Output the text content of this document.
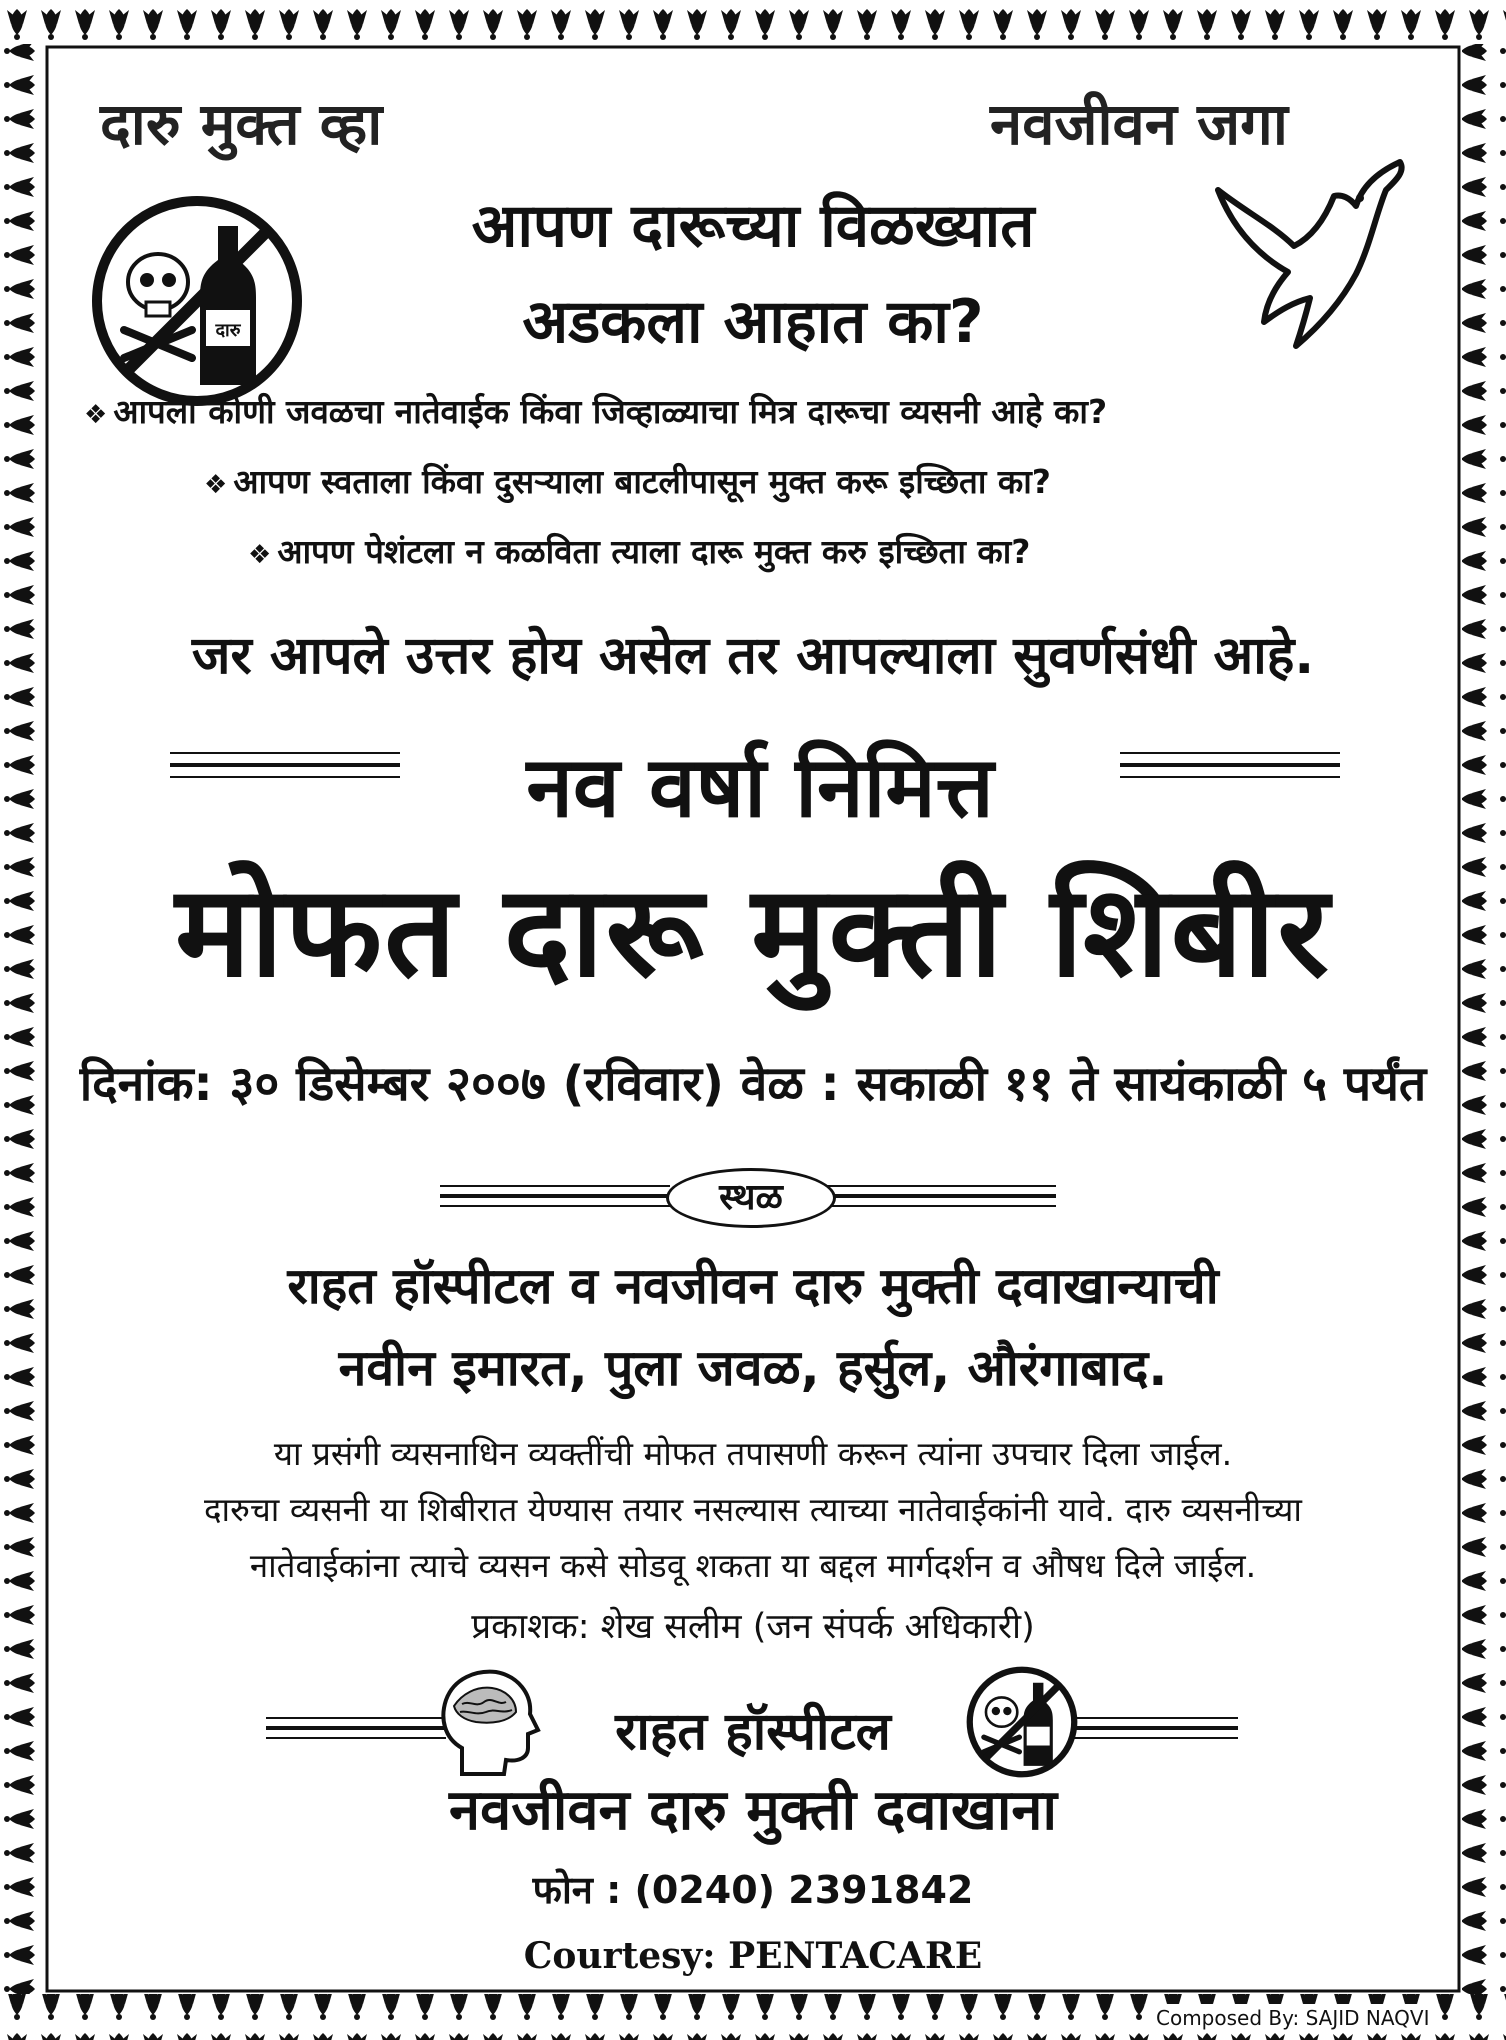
दारु मुक्त व्हा	नवजीवन जगा
दारु
आपण दारूच्या विळख्यात
अडकला आहात का?
❖ आपला कोणी जवळचा नातेवाईक किंवा जिव्हाळ्याचा मित्र दारूचा व्यसनी आहे का?
❖ आपण स्वताला किंवा दुसऱ्याला बाटलीपासून मुक्त करू इच्छिता का?
❖ आपण पेशंटला न कळविता त्याला दारू मुक्त करु इच्छिता का?
जर आपले उत्तर होय असेल तर आपल्याला सुवर्णसंधी आहे.
नव वर्षा निमित्त
मोफत दारू मुक्ती शिबीर
दिनांक: ३० डिसेम्बर २००७ (रविवार) वेळ : सकाळी ११ ते सायंकाळी ५ पर्यंत
स्थळ
राहत हॉस्पीटल व नवजीवन दारु मुक्ती दवाखान्याची
नवीन इमारत, पुला जवळ, हर्सुल, औरंगाबाद.
या प्रसंगी व्यसनाधिन व्यक्तींची मोफत तपासणी करून त्यांना उपचार दिला जाईल.
दारुचा व्यसनी या शिबीरात येण्यास तयार नसल्यास त्याच्या नातेवाईकांनी यावे. दारु व्यसनीच्या
नातेवाईकांना त्याचे व्यसन कसे सोडवू शकता या बद्दल मार्गदर्शन व औषध दिले जाईल.
प्रकाशक: शेख सलीम (जन संपर्क अधिकारी)
राहत हॉस्पीटल
नवजीवन दारु मुक्ती दवाखाना
फोन : (0240) 2391842
Courtesy: PENTACARE
Composed By: SAJID NAQVI
